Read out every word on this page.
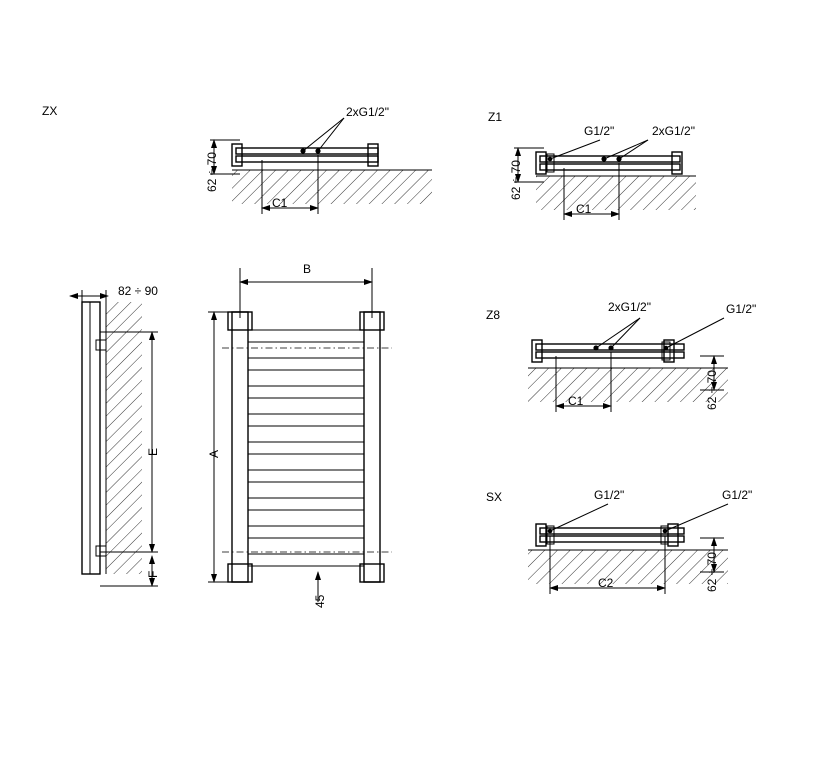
ZX	Z1
Z8
SX
2xG1/2"
62 ÷ 70
C1
G1/2"	2xG1/2"
62 ÷ 70
C1
2xG1/2"	G1/2"
62 ÷ 70
C1
G1/2"	G1/2"
62 ÷ 70
C2
82 ÷ 90
E
F
B
A
45
